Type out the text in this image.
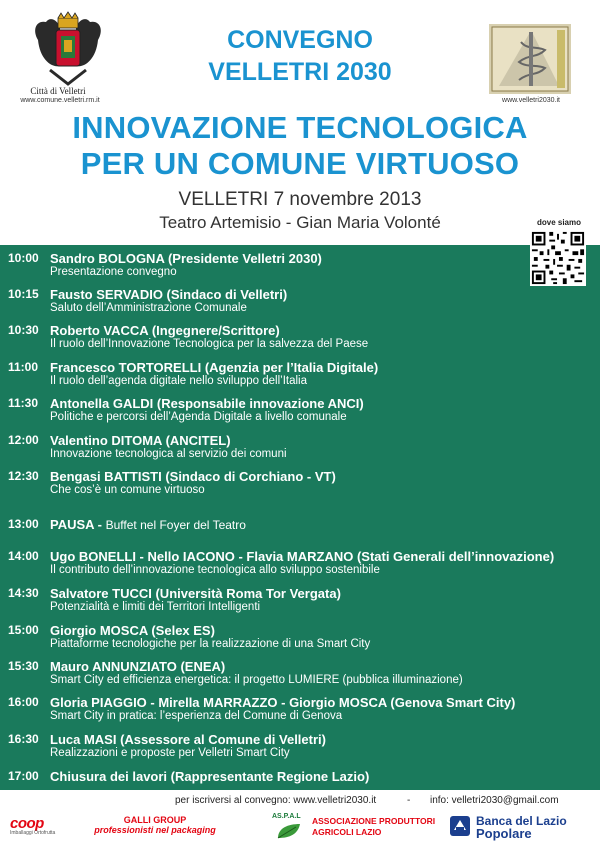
Città di Velletri
www.comune.velletri.rm.it	www.velletri2030.it
CONVEGNO
VELLETRI 2030
INNOVAZIONE TECNOLOGICA
PER UN COMUNE VIRTUOSO
VELLETRI 7 novembre 2013
Teatro Artemisio - Gian Maria Volonté
10:00 Sandro BOLOGNA (Presidente Velletri 2030)
Presentazione convegno
10:15 Fausto SERVADIO (Sindaco di Velletri)
Saluto dell’Amministrazione Comunale
10:30 Roberto VACCA (Ingegnere/Scrittore)
Il ruolo dell’Innovazione Tecnologica per la salvezza del Paese
11:00 Francesco TORTORELLI (Agenzia per l’Italia Digitale)
Il ruolo dell’agenda digitale nello sviluppo dell’Italia
11:30 Antonella GALDI (Responsabile innovazione ANCI)
Politiche e percorsi dell’Agenda Digitale a livello comunale
12:00 Valentino DITOMA (ANCITEL)
Innovazione tecnologica al servizio dei comuni
12:30 Bengasi BATTISTI (Sindaco di Corchiano - VT)
Che cos’è un comune virtuoso
13:00 PAUSA - Buffet nel Foyer del Teatro
14:00 Ugo BONELLI - Nello IACONO - Flavia MARZANO (Stati Generali dell’innovazione)
Il contributo dell’innovazione tecnologica allo sviluppo sostenibile
14:30 Salvatore TUCCI (Università Roma Tor Vergata)
Potenzialità e limiti dei Territori Intelligenti
15:00 Giorgio MOSCA (Selex ES)
Piattaforme tecnologiche per la realizzazione di una Smart City
15:30 Mauro ANNUNZIATO (ENEA)
Smart City ed efficienza energetica: il progetto LUMIERE (pubblica illuminazione)
16:00 Gloria PIAGGIO - Mirella MARRAZZO - Giorgio MOSCA (Genova Smart City)
Smart City in pratica: l’esperienza del Comune di Genova
16:30 Luca MASI (Assessore al Comune di Velletri)
Realizzazioni e proposte per Velletri Smart City
17:00 Chiusura dei lavori (Rappresentante Regione Lazio)
dove siamo
per iscriversi al convegno: www.velletri2030.it	- info: velletri2030@gmail.com
coop
Imballaggi Ortofrutta
GALLI GROUP
professionisti nel packaging
AS.P.A.L ASSOCIAZIONE PRODUTTORI
AGRICOLI LAZIO
Banca del Lazio
Popolare
